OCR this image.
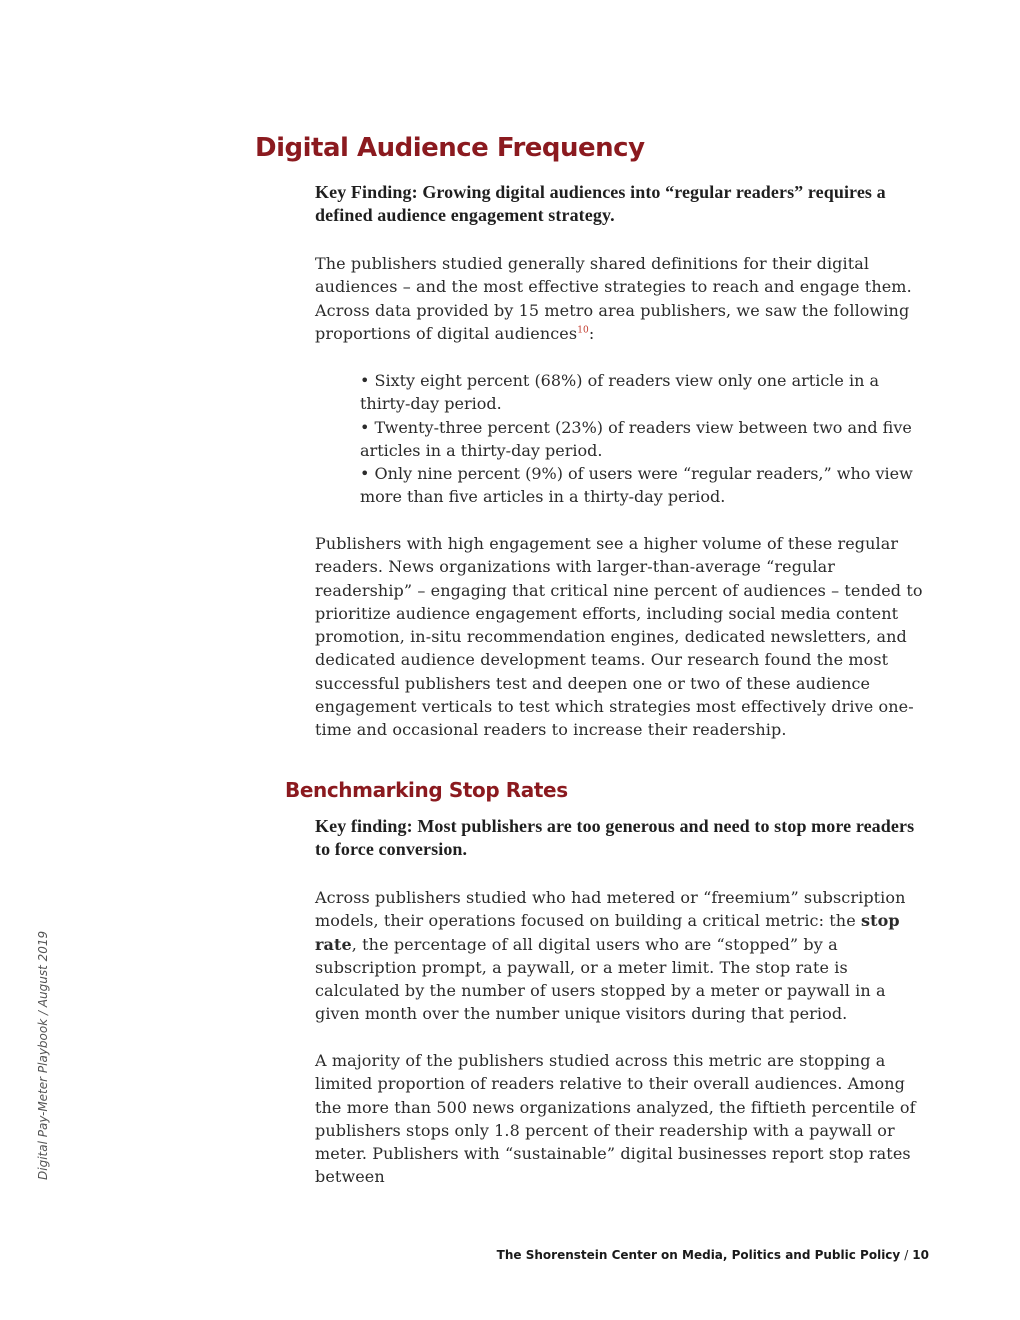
Digital Audience Frequency

Key Finding: Growing digital audiences into “regular readers” requires a defined audience engagement strategy.

The publishers studied generally shared definitions for their digital audiences – and the most effective strategies to reach and engage them. Across data provided by 15 metro area publishers, we saw the following proportions of digital audiences$^{10}$:

• Sixty eight percent (68%) of readers view only one article in a thirty-day period.
• Twenty-three percent (23%) of readers view between two and five articles in a thirty-day period.
• Only nine percent (9%) of users were “regular readers,” who view more than five articles in a thirty-day period.

Publishers with high engagement see a higher volume of these regular readers. News organizations with larger-than-average “regular readership” – engaging that critical nine percent of audiences – tended to prioritize audience engagement efforts, including social media content promotion, in-situ recommendation engines, dedicated newsletters, and dedicated audience development teams. Our research found the most successful publishers test and deepen one or two of these audience engagement verticals to test which strategies most effectively drive one-time and occasional readers to increase their readership.

Benchmarking Stop Rates

Key finding: Most publishers are too generous and need to stop more readers to force conversion.

Across publishers studied who had metered or “freemium” subscription models, their operations focused on building a critical metric: the stop rate, the percentage of all digital users who are “stopped” by a subscription prompt, a paywall, or a meter limit. The stop rate is calculated by the number of users stopped by a meter or paywall in a given month over the number unique visitors during that period.

A majority of the publishers studied across this metric are stopping a limited proportion of readers relative to their overall audiences. Among the more than 500 news organizations analyzed, the fiftieth percentile of publishers stops only 1.8 percent of their readership with a paywall or meter. Publishers with “sustainable” digital businesses report stop rates between

Digital Pay-Meter Playbook / August 2019
The Shorenstein Center on Media, Politics and Public Policy / 10
